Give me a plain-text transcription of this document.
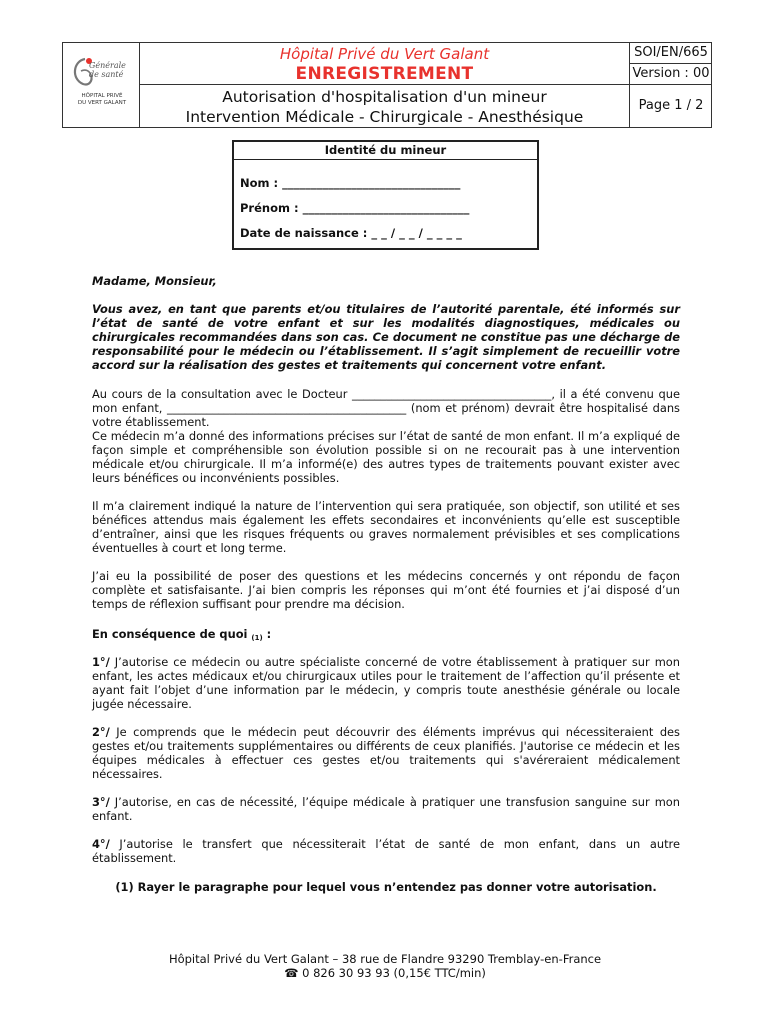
Générale
de santé
HÔPITAL PRIVÉ
DU VERT GALANT
Hôpital Privé du Vert Galant
ENREGISTREMENT
Autorisation d'hospitalisation d'un mineur
Intervention Médicale - Chirurgicale - Anesthésique
SOI/EN/665
Version : 00
Page 1 / 2
Identité du mineur
Nom : _______________________________
Prénom : _____________________________
Date de naissance : _ _ / _ _ / _ _ _ _
Madame, Monsieur,
Vous avez, en tant que parents et/ou titulaires de l’autorité parentale, été informés sur l’état de santé de votre enfant et sur les modalités diagnostiques, médicales ou chirurgicales recommandées dans son cas. Ce document ne constitue pas une décharge de responsabilité pour le médecin ou l’établissement. Il s’agit simplement de recueillir votre accord sur la réalisation des gestes et traitements qui concernent votre enfant.
Au cours de la consultation avec le Docteur ___________________________________, il a été convenu que mon enfant, __________________________________________ (nom et prénom) devrait être hospitalisé dans votre établissement.
Ce médecin m’a donné des informations précises sur l’état de santé de mon enfant. Il m’a expliqué de façon simple et compréhensible son évolution possible si on ne recourait pas à une intervention médicale et/ou chirurgicale. Il m’a informé(e) des autres types de traitements pouvant exister avec leurs bénéfices ou inconvénients possibles.
Il m’a clairement indiqué la nature de l’intervention qui sera pratiquée, son objectif, son utilité et ses bénéfices attendus mais également les effets secondaires et inconvénients qu’elle est susceptible d’entraîner, ainsi que les risques fréquents ou graves normalement prévisibles et ses complications éventuelles à court et long terme.
J’ai eu la possibilité de poser des questions et les médecins concernés y ont répondu de façon complète et satisfaisante. J’ai bien compris les réponses qui m’ont été fournies et j’ai disposé d’un temps de réflexion suffisant pour prendre ma décision.
En conséquence de quoi (1) :
1°/ J’autorise ce médecin ou autre spécialiste concerné de votre établissement à pratiquer sur mon enfant, les actes médicaux et/ou chirurgicaux utiles pour le traitement de l’affection qu’il présente et ayant fait l’objet d’une information par le médecin, y compris toute anesthésie générale ou locale jugée nécessaire.
2°/ Je comprends que le médecin peut découvrir des éléments imprévus qui nécessiteraient des gestes et/ou traitements supplémentaires ou différents de ceux planifiés. J'autorise ce médecin et les équipes médicales à effectuer ces gestes et/ou traitements qui s'avéreraient médicalement nécessaires.
3°/ J’autorise, en cas de nécessité, l’équipe médicale à pratiquer une transfusion sanguine sur mon enfant.
4°/ J’autorise le transfert que nécessiterait l’état de santé de mon enfant, dans un autre établissement.
(1) Rayer le paragraphe pour lequel vous n’entendez pas donner votre autorisation.
Hôpital Privé du Vert Galant – 38 rue de Flandre 93290 Tremblay-en-France
☎ 0 826 30 93 93 (0,15€ TTC/min)
